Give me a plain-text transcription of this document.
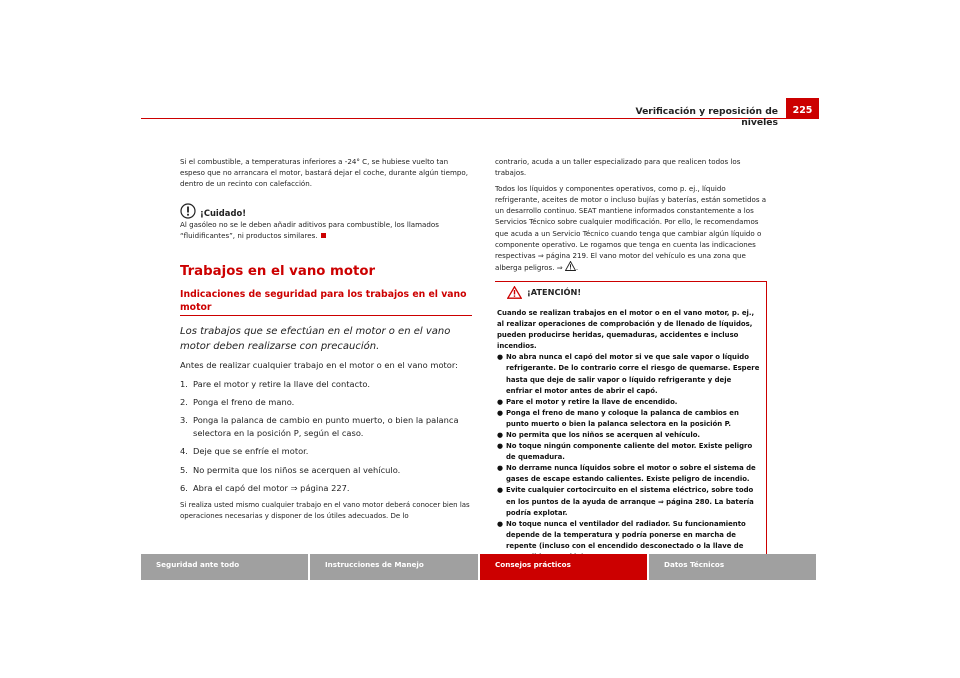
Verificación y reposición de niveles
225

Si el combustible, a temperaturas inferiores a -24° C, se hubiese vuelto tan espeso que no arrancara el motor, bastará dejar el coche, durante algún tiempo, dentro de un recinto con calefacción.

¡Cuidado!

Al gasóleo no se le deben añadir aditivos para combustible, los llamados “fluidificantes”, ni productos similares.

Trabajos en el vano motor
Indicaciones de seguridad para los trabajos en el vano motor
Los trabajos que se efectúan en el motor o en el vano motor deben realizarse con precaución.

Antes de realizar cualquier trabajo en el motor o en el vano motor:

1. Pare el motor y retire la llave del contacto.
2. Ponga el freno de mano.
3. Ponga la palanca de cambio en punto muerto, o bien la palanca selectora en la posición P, según el caso.
4. Deje que se enfríe el motor.
5. No permita que los niños se acerquen al vehículo.
6. Abra el capó del motor ⇒ página 227.

Si realiza usted mismo cualquier trabajo en el vano motor deberá conocer bien las operaciones necesarias y disponer de los útiles adecuados. De lo

contrario, acuda a un taller especializado para que realicen todos los trabajos.

Todos los líquidos y componentes operativos, como p. ej., líquido refrigerante, aceites de motor o incluso bujías y baterías, están sometidos a un desarrollo continuo. SEAT mantiene informados constantemente a los Servicios Técnico sobre cualquier modificación. Por ello, le recomendamos que acuda a un Servicio Técnico cuando tenga que cambiar algún líquido o componente operativo. Le rogamos que tenga en cuenta las indicaciones respectivas ⇒ página 219. El vano motor del vehículo es una zona que alberga peligros. ⇒ .

¡ATENCIÓN!
Cuando se realizan trabajos en el motor o en el vano motor, p. ej., al realizar operaciones de comprobación y de llenado de líquidos, pueden producirse heridas, quemaduras, accidentes e incluso incendios.
● No abra nunca el capó del motor si ve que sale vapor o líquido refrigerante. De lo contrario corre el riesgo de quemarse. Espere hasta que deje de salir vapor o líquido refrigerante y deje enfriar el motor antes de abrir el capó.
● Pare el motor y retire la llave de encendido.
● Ponga el freno de mano y coloque la palanca de cambios en punto muerto o bien la palanca selectora en la posición P.
● No permita que los niños se acerquen al vehículo.
● No toque ningún componente caliente del motor. Existe peligro de quemadura.
● No derrame nunca líquidos sobre el motor o sobre el sistema de gases de escape estando calientes. Existe peligro de incendio.
● Evite cualquier cortocircuito en el sistema eléctrico, sobre todo en los puntos de la ayuda de arranque ⇒ página 280. La batería podría explotar.
● No toque nunca el ventilador del radiador. Su funcionamiento depende de la temperatura y podría ponerse en marcha de repente (incluso con el encendido desconectado o la llave de
Seguridad ante todo	Instrucciones de Manejo	Consejos prácticos	Datos Técnicos
